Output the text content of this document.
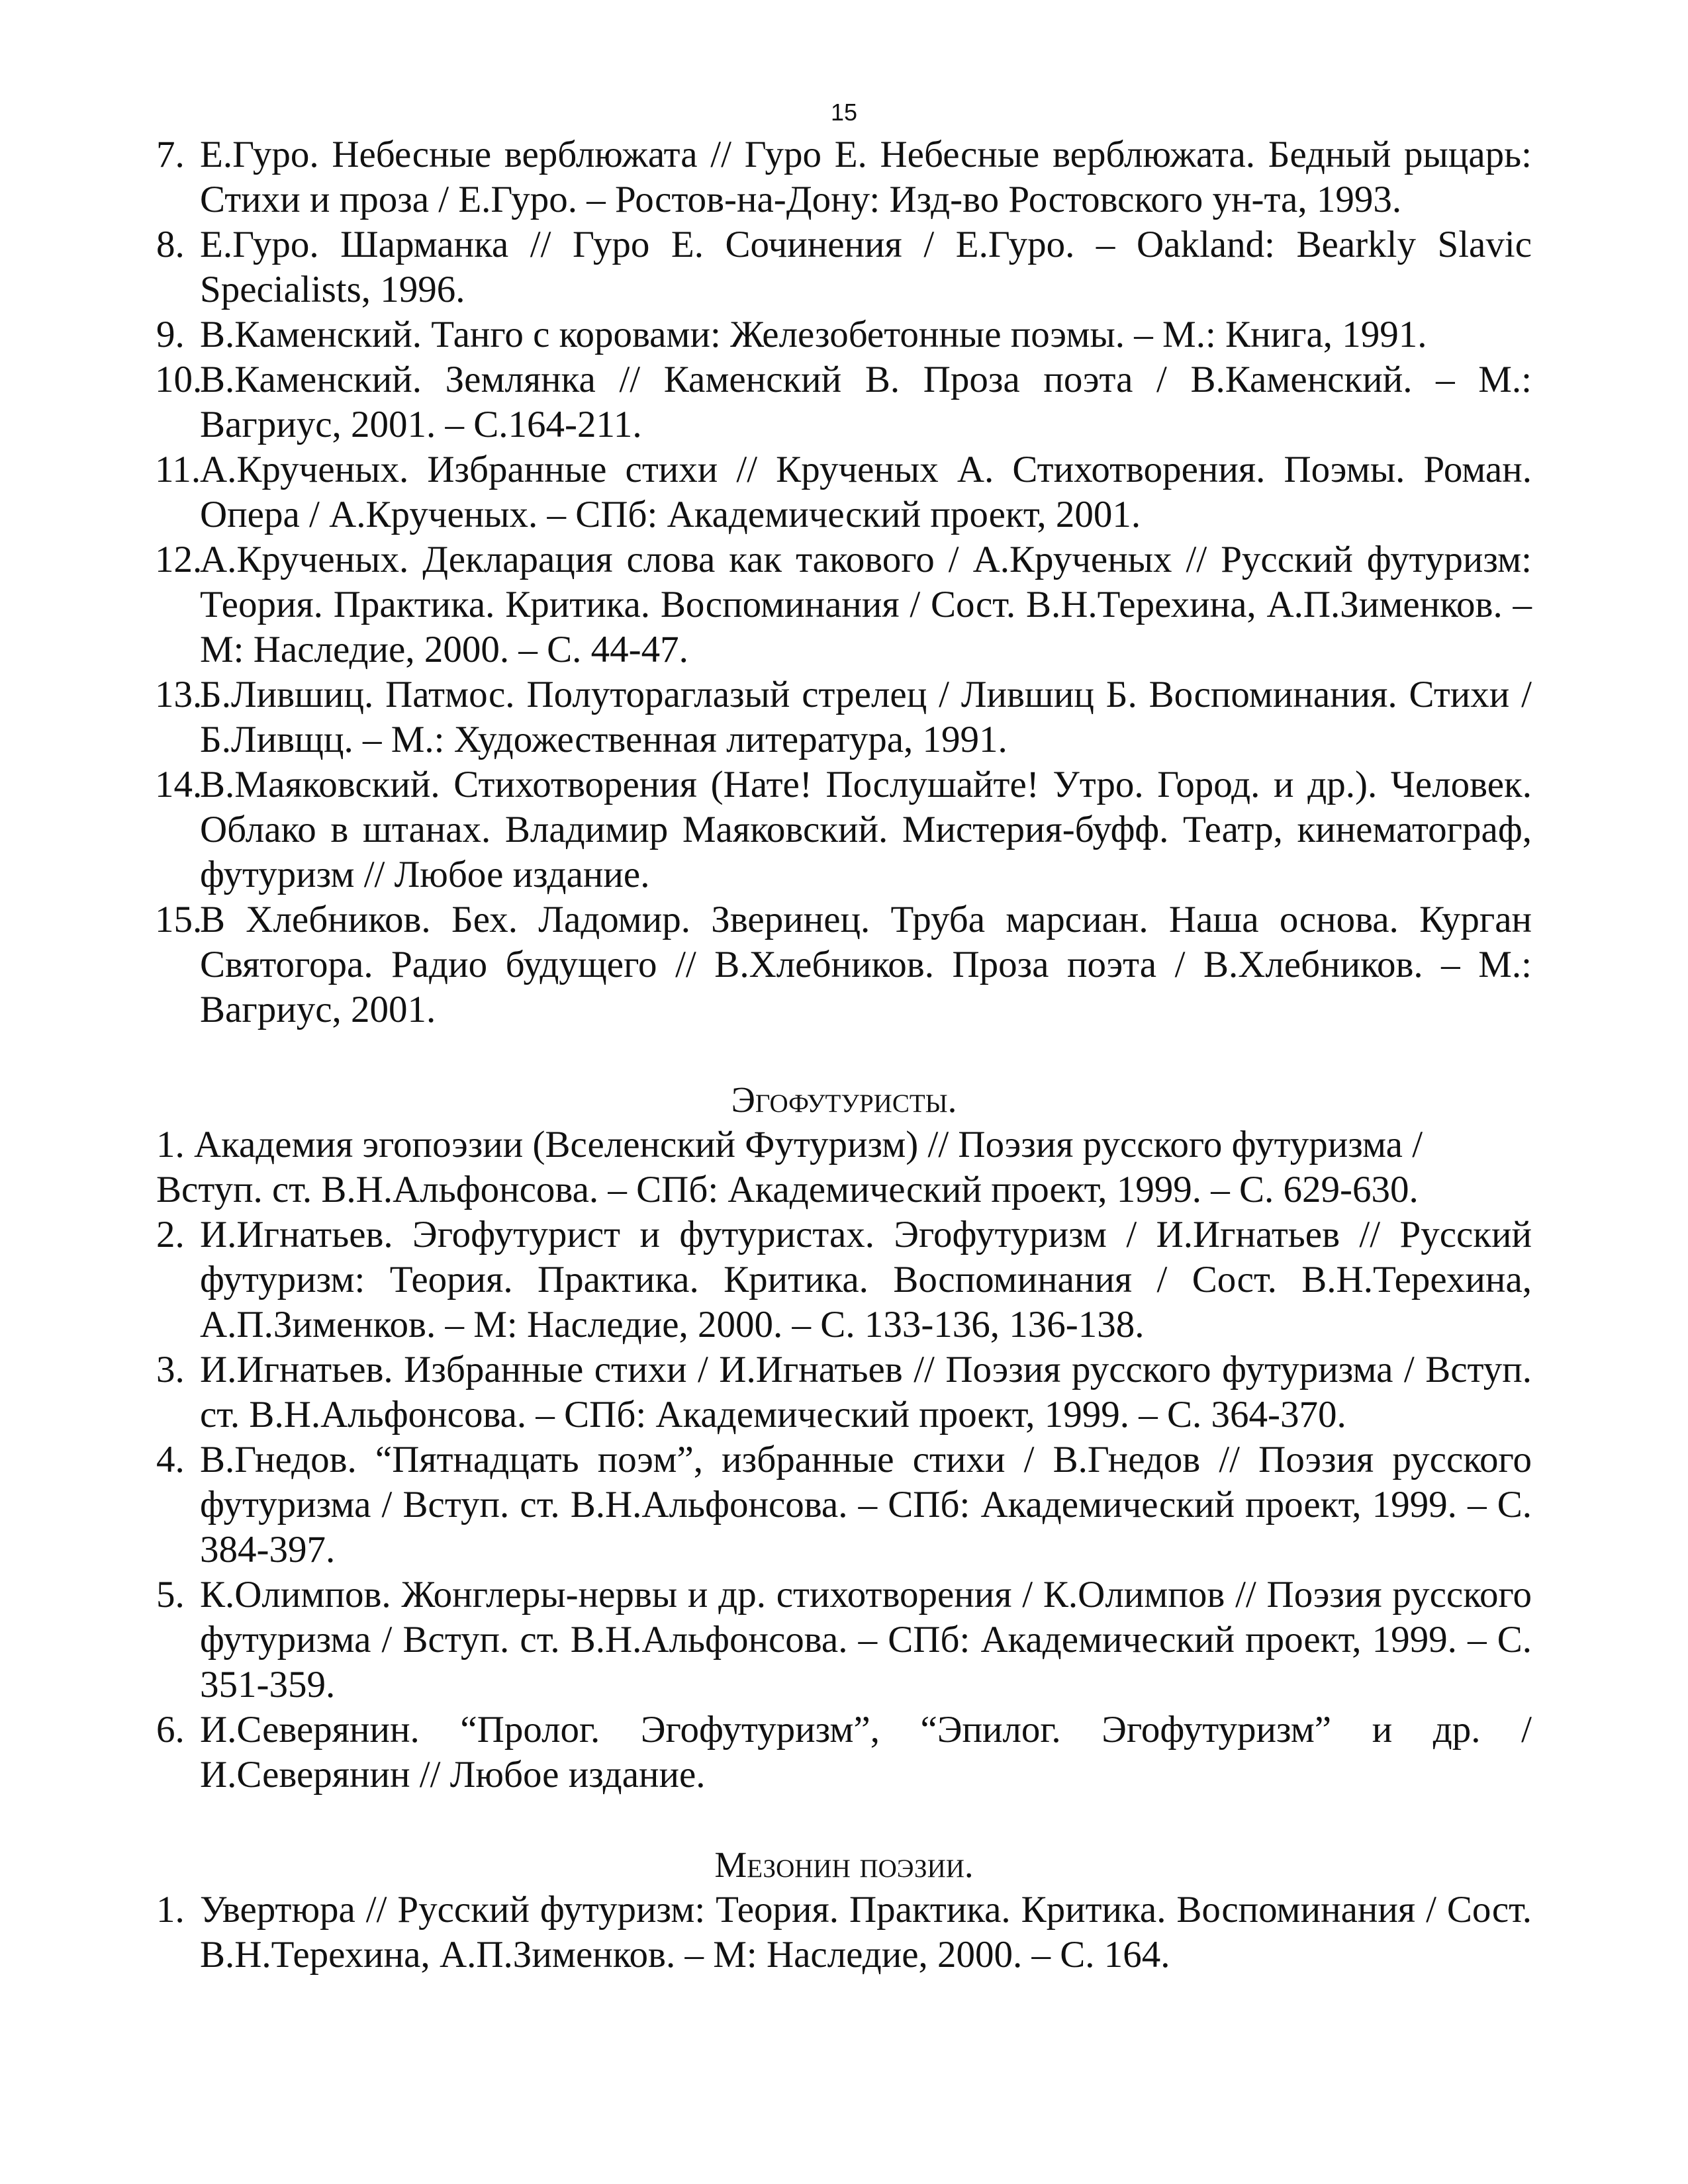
15
7. Е.Гуро. Небесные верблюжата // Гуро Е. Небесные верблюжата. Бедный рыцарь: Стихи и проза / Е.Гуро. – Ростов-на-Дону: Изд-во Ростовского ун-та, 1993.
8. Е.Гуро. Шарманка // Гуро Е. Сочинения / Е.Гуро. – Oakland: Bearkly Slavic Specialists, 1996.
9. В.Каменский. Танго с коровами: Железобетонные поэмы. – М.: Книга, 1991.
10.
В.Каменский. Землянка // Каменский В. Проза поэта / В.Каменский. – М.: Вагриус, 2001. – С.164-211.
11.
А.Крученых. Избранные стихи // Крученых А. Стихотворения. Поэмы. Роман. Опера / А.Крученых. – СПб: Академический проект, 2001.
12.
А.Крученых. Декларация слова как такового / А.Крученых // Русский футуризм: Теория. Практика. Критика. Воспоминания / Сост. В.Н.Терехина, А.П.Зименков. – М: Наследие, 2000. – С. 44-47.
13.
Б.Лившиц. Патмос. Полутораглазый стрелец / Лившиц Б. Воспоминания. Стихи / Б.Ливщц. – М.: Художественная литература, 1991.
14.
В.Маяковский. Стихотворения (Нате! Послушайте! Утро. Город. и др.). Человек. Облако в штанах. Владимир Маяковский. Мистерия-буфф. Театр, кинематограф, футуризм // Любое издание.
15.
В Хлебников. Бех. Ладомир. Зверинец. Труба марсиан. Наша основа. Курган Святогора. Радио будущего // В.Хлебников. Проза поэта / В.Хлебников. – М.: Вагриус, 2001.
Эгофутуристы.
1. Академия эгопоэзии (Вселенский Футуризм) // Поэзия русского футуризма / Вступ. ст. В.Н.Альфонсова. – СПб: Академический проект, 1999. – С. 629-630.
2. И.Игнатьев. Эгофутурист и футуристах. Эгофутуризм / И.Игнатьев // Русский футуризм: Теория. Практика. Критика. Воспоминания / Сост. В.Н.Терехина, А.П.Зименков. – М: Наследие, 2000. – С. 133-136, 136-138.
3. И.Игнатьев. Избранные стихи / И.Игнатьев // Поэзия русского футуризма / Вступ. ст. В.Н.Альфонсова. – СПб: Академический проект, 1999. – С. 364-370.
4. В.Гнедов. “Пятнадцать поэм”, избранные стихи / В.Гнедов // Поэзия русского футуризма / Вступ. ст. В.Н.Альфонсова. – СПб: Академический проект, 1999. – С. 384-397.
5. К.Олимпов. Жонглеры-нервы и др. стихотворения / К.Олимпов // Поэзия русского футуризма / Вступ. ст. В.Н.Альфонсова. – СПб: Академический проект, 1999. – С. 351-359.
6. И.Северянин. “Пролог. Эгофутуризм”, “Эпилог. Эгофутуризм” и др. / И.Северянин // Любое издание.
Мезонин поэзии.
1. Увертюра // Русский футуризм: Теория. Практика. Критика. Воспоминания / Сост. В.Н.Терехина, А.П.Зименков. – М: Наследие, 2000. – С. 164.
